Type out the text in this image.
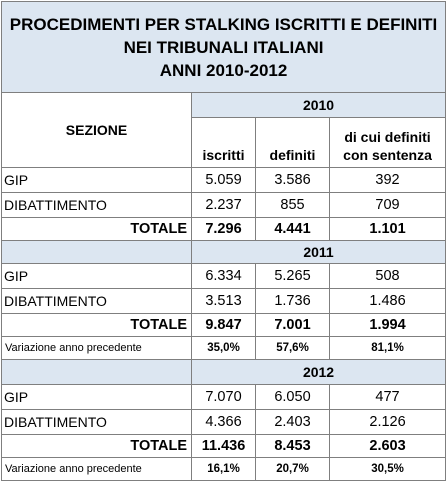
PROCEDIMENTI PER STALKING ISCRITTI E DEFINITI
NEI TRIBUNALI ITALIANI
ANNI 2010-2012			

SEZIONE	2010		
	iscritti	definiti	di cui definiti
con sentenza

GIP	5.059	3.586	392
DIBATTIMENTO	2.237	855	709
TOTALE	7.296	4.441	1.101
	2011		
GIP	6.334	5.265	508
DIBATTIMENTO	3.513	1.736	1.486
TOTALE	9.847	7.001	1.994
Variazione anno precedente	35,0%	57,6%	81,1%
	2012		
GIP	7.070	6.050	477
DIBATTIMENTO	4.366	2.403	2.126
TOTALE	11.436	8.453	2.603
Variazione anno precedente	16,1%	20,7%	30,5%
